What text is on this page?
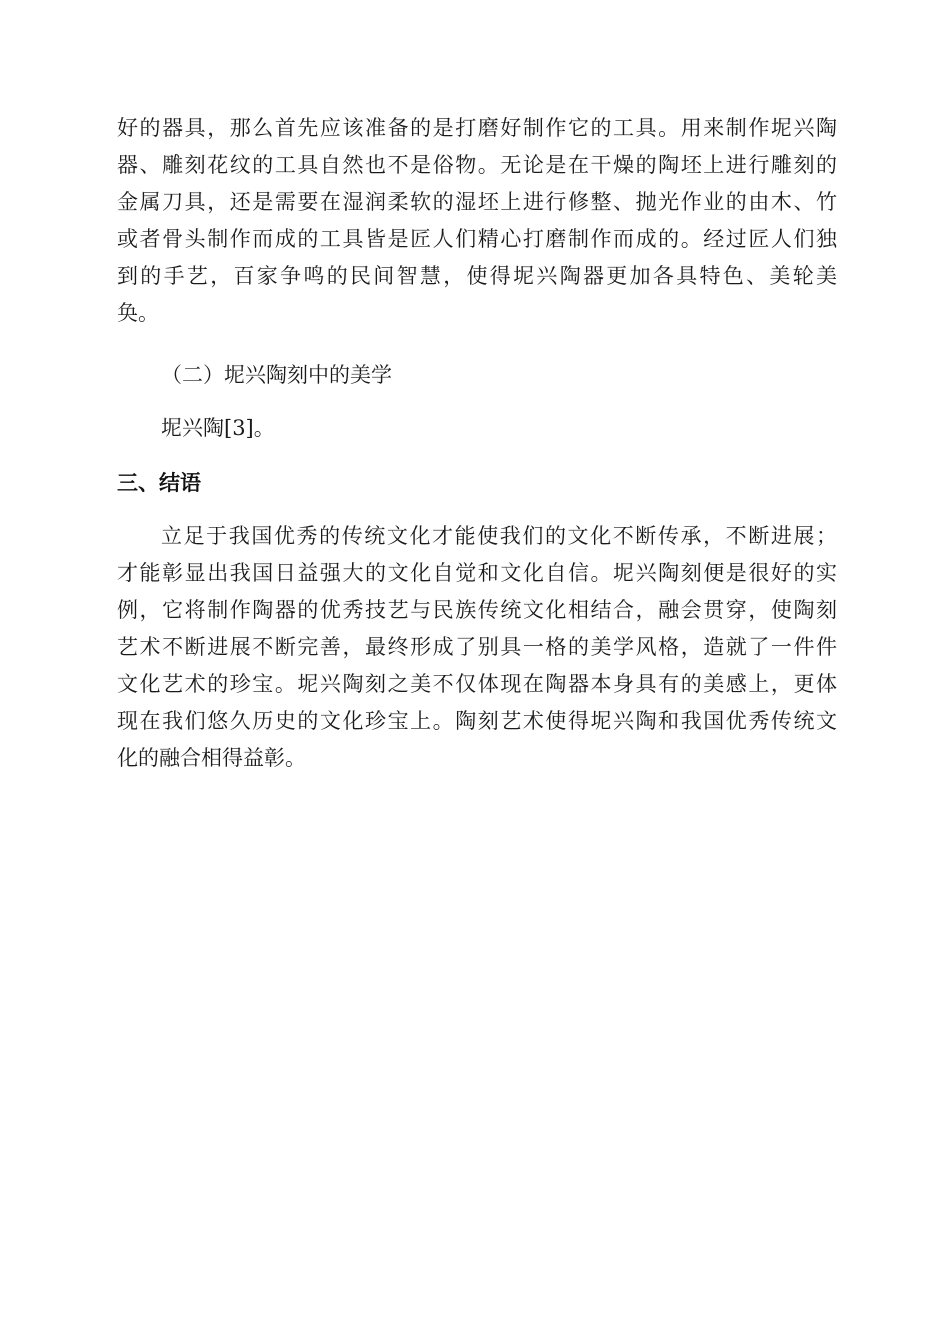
好的器具，那么首先应该准备的是打磨好制作它的工具。用来制作坭兴陶
器、雕刻花纹的工具自然也不是俗物。无论是在干燥的陶坯上进行雕刻的
金属刀具，还是需要在湿润柔软的湿坯上进行修整、抛光作业的由木、竹
或者骨头制作而成的工具皆是匠人们精心打磨制作而成的。经过匠人们独
到的手艺，百家争鸣的民间智慧，使得坭兴陶器更加各具特色、美轮美
奂。

（二）坭兴陶刻中的美学

坭兴陶[3]。

三、结语

立足于我国优秀的传统文化才能使我们的文化不断传承，不断进展；
才能彰显出我国日益强大的文化自觉和文化自信。坭兴陶刻便是很好的实
例，它将制作陶器的优秀技艺与民族传统文化相结合，融会贯穿，使陶刻
艺术不断进展不断完善，最终形成了别具一格的美学风格，造就了一件件
文化艺术的珍宝。坭兴陶刻之美不仅体现在陶器本身具有的美感上，更体
现在我们悠久历史的文化珍宝上。陶刻艺术使得坭兴陶和我国优秀传统文
化的融合相得益彰。
